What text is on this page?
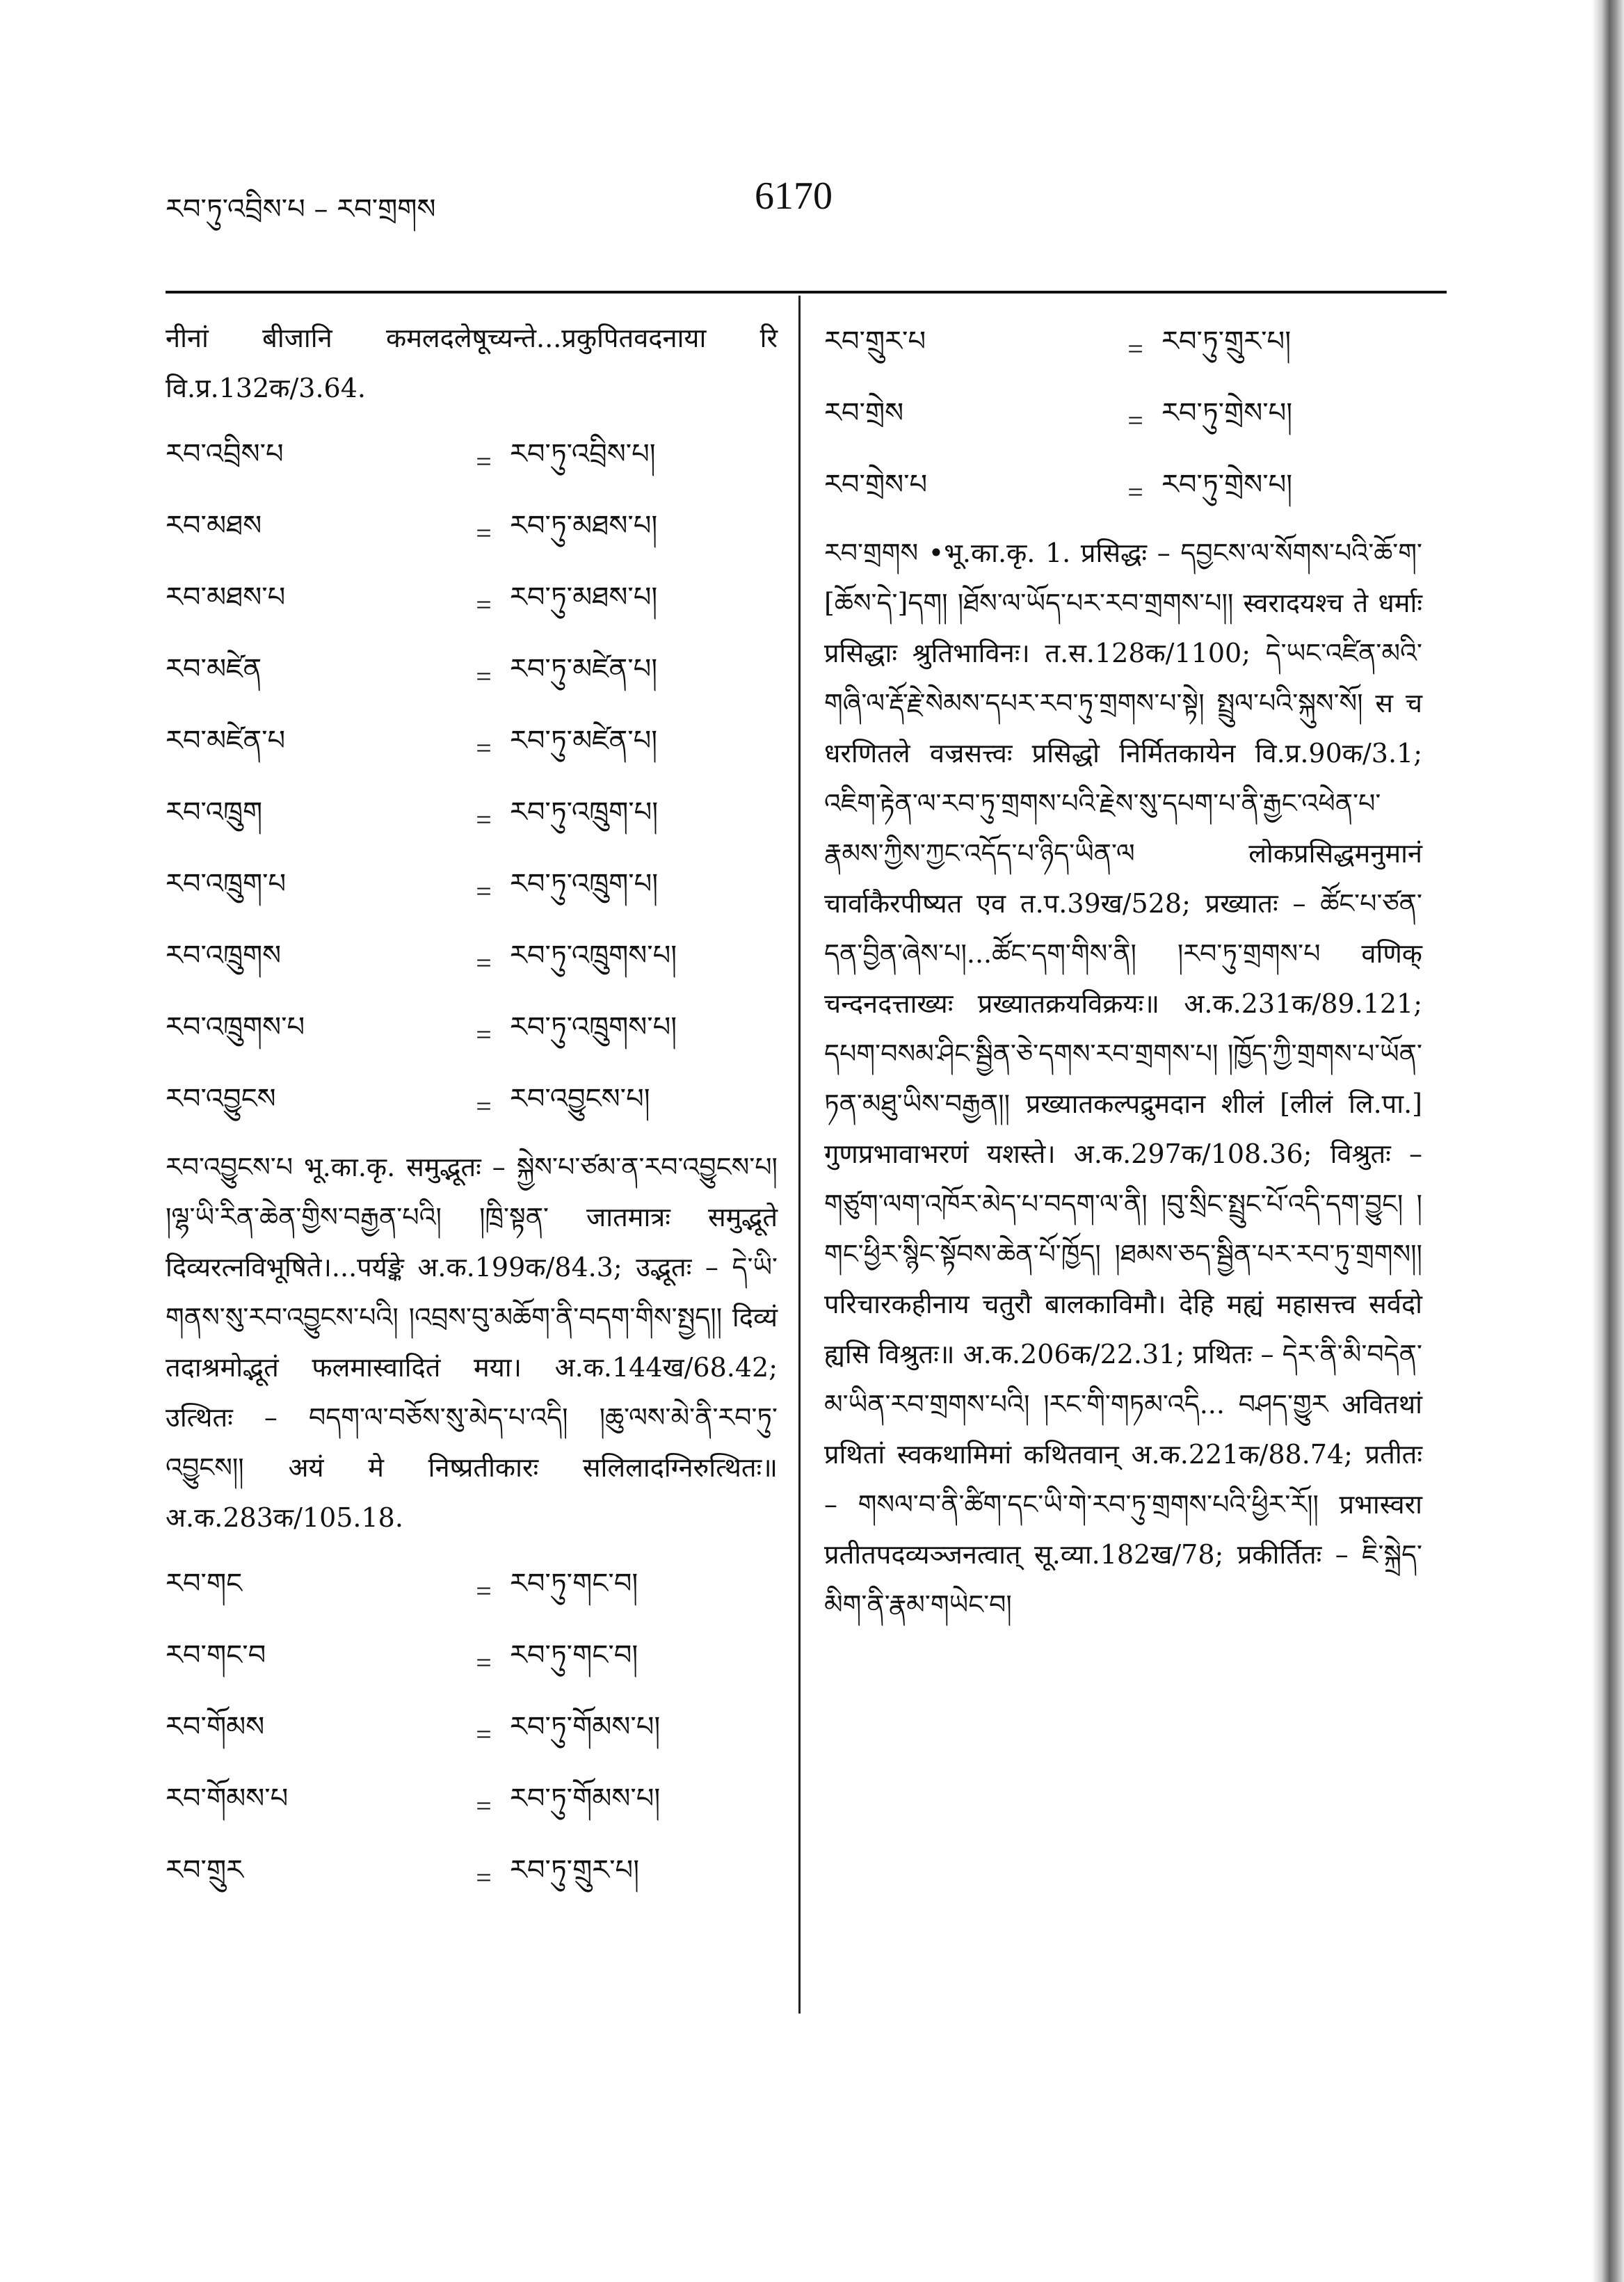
རབ་ཏུ་འབྲིས་པ – རབ་གྲགས	6170

नीनां बीजानि कमलदलेषूच्यन्ते...प्रकुपितवदनाया रि वि.प्र.132क/3.64.

རབ་འབྲིས་པ	= རབ་ཏུ་འབྲིས་པ།
རབ་མཐས	= རབ་ཏུ་མཐས་པ།
རབ་མཐས་པ	= རབ་ཏུ་མཐས་པ།
རབ་མཛེན	= རབ་ཏུ་མཛེན་པ།
རབ་མཛེན་པ	= རབ་ཏུ་མཛེན་པ།
རབ་འཁྲུག	= རབ་ཏུ་འཁྲུག་པ།
རབ་འཁྲུག་པ	= རབ་ཏུ་འཁྲུག་པ།
རབ་འཁྲུགས	= རབ་ཏུ་འཁྲུགས་པ།
རབ་འཁྲུགས་པ	= རབ་ཏུ་འཁྲུགས་པ།
རབ་འབྱུངས	= རབ་འབྱུངས་པ།

རབ་འབྱུངས་པ भू.का.कृ. समुद्भूतः – སྐྱེས་པ་ཙམ་ན་རབ་འབྱུངས་པ། །ལྷ་ཡི་རིན་ཆེན་གྱིས་བརྒྱན་པའི། །ཁྲི་སྟན་ जातमात्रः समुद्भूते दिव्यरत्नविभूषिते।...पर्यङ्के अ.क.199क/84.3; उद्भूतः – དེ་ཡི་གནས་སུ་རབ་འབྱུངས་པའི། །འབྲས་བུ་མཆོག་ནི་བདག་གིས་སྤྱད།། दिव्यं तदाश्रमोद्भूतं फलमास्वादितं मया। अ.क.144ख/68.42; उत्थितः – བདག་ལ་བཅོས་སུ་མེད་པ་འདི། །ཆུ་ལས་མེ་ནི་རབ་ཏུ་འབྱུངས།། अयं मे निष्प्रतीकारः सलिलादग्निरुत्थितः॥ अ.क.283क/105.18.

རབ་གང	= རབ་ཏུ་གང་བ།
རབ་གང་བ	= རབ་ཏུ་གང་བ།
རབ་གོམས	= རབ་ཏུ་གོམས་པ།
རབ་གོམས་པ	= རབ་ཏུ་གོམས་པ།
རབ་གྲུར	= རབ་ཏུ་གྲུར་པ།
རབ་གྲུར་པ	= རབ་ཏུ་གྲུར་པ།
རབ་གྲེས	= རབ་ཏུ་གྲེས་པ།
རབ་གྲེས་པ	= རབ་ཏུ་གྲེས་པ།

རབ་གྲགས •भू.का.कृ. 1. प्रसिद्धः – དབྱངས་ལ་སོགས་པའི་ཆོ་ག་[ཆོས་དེ་]དག། །ཐོས་ལ་ཡོད་པར་རབ་གྲགས་པ།། स्वरादयश्च ते धर्माः प्रसिद्धाः श्रुतिभाविनः। त.स.128क/1100; དེ་ཡང་འཛིན་མའི་གཞི་ལ་རྡོ་རྗེ་སེམས་དཔར་རབ་ཏུ་གྲགས་པ་སྟེ། སྤྲུལ་པའི་སྐུས་སོ། स च धरणितले वज्रसत्त्वः प्रसिद्धो निर्मितकायेन वि.प्र.90क/3.1; འཇིག་རྟེན་ལ་རབ་ཏུ་གྲགས་པའི་རྗེས་སུ་དཔག་པ་ནི་རྒྱང་འཕེན་པ་རྣམས་ཀྱིས་ཀྱང་འདོད་པ་ཉིད་ཡིན་ལ लोकप्रसिद्धमनुमानं चार्वाकैरपीष्यत एव त.प.39ख/528; प्रख्यातः – ཚོང་པ་ཙན་དན་བྱིན་ཞེས་པ།...ཚོང་དག་གིས་ནི། །རབ་ཏུ་གྲགས་པ वणिक् चन्दनदत्ताख्यः प्रख्यातक्रयविक्रयः॥ अ.क.231क/89.121; དཔག་བསམ་ཤིང་སྦྱིན་ཅེ་དགས་རབ་གྲགས་པ། །ཁྱོད་ཀྱི་གྲགས་པ་ཡོན་ཏན་མཐུ་ཡིས་བརྒྱན།། प्रख्यातकल्पद्रुमदान शीलं [लीलं लि.पा.] गुणप्रभावाभरणं यशस्ते। अ.क.297क/108.36; विश्रुतः – གཙུག་ལག་འཁོར་མེད་པ་བདག་ལ་ནི། །བུ་སྲིང་སྤྲུང་པོ་འདི་དག་བྱུང། །གང་ཕྱིར་སྙིང་སྟོབས་ཆེན་པོ་ཁྱོད། །ཐམས་ཅད་སྦྱིན་པར་རབ་ཏུ་གྲགས།། परिचारकहीनाय चतुरौ बालकाविमौ। देहि मह्यं महासत्त्व सर्वदो ह्यसि विश्रुतः॥ अ.क.206क/22.31; प्रथितः – དེར་ནི་མི་བདེན་མ་ཡིན་རབ་གྲགས་པའི། །རང་གི་གཏམ་འདི... བཤད་གྱུར अवितथां प्रथितां स्वकथामिमां कथितवान् अ.क.221क/88.74; प्रतीतः – གསལ་བ་ནི་ཚིག་དང་ཡི་གེ་རབ་ཏུ་གྲགས་པའི་ཕྱིར་རོ།། प्रभास्वरा प्रतीतपदव्यञ्जनत्वात् सू.व्या.182ख/78; प्रकीर्तितः – ཇི་སྐྲེད་མིག་ནི་རྣམ་གཡེང་བ།
